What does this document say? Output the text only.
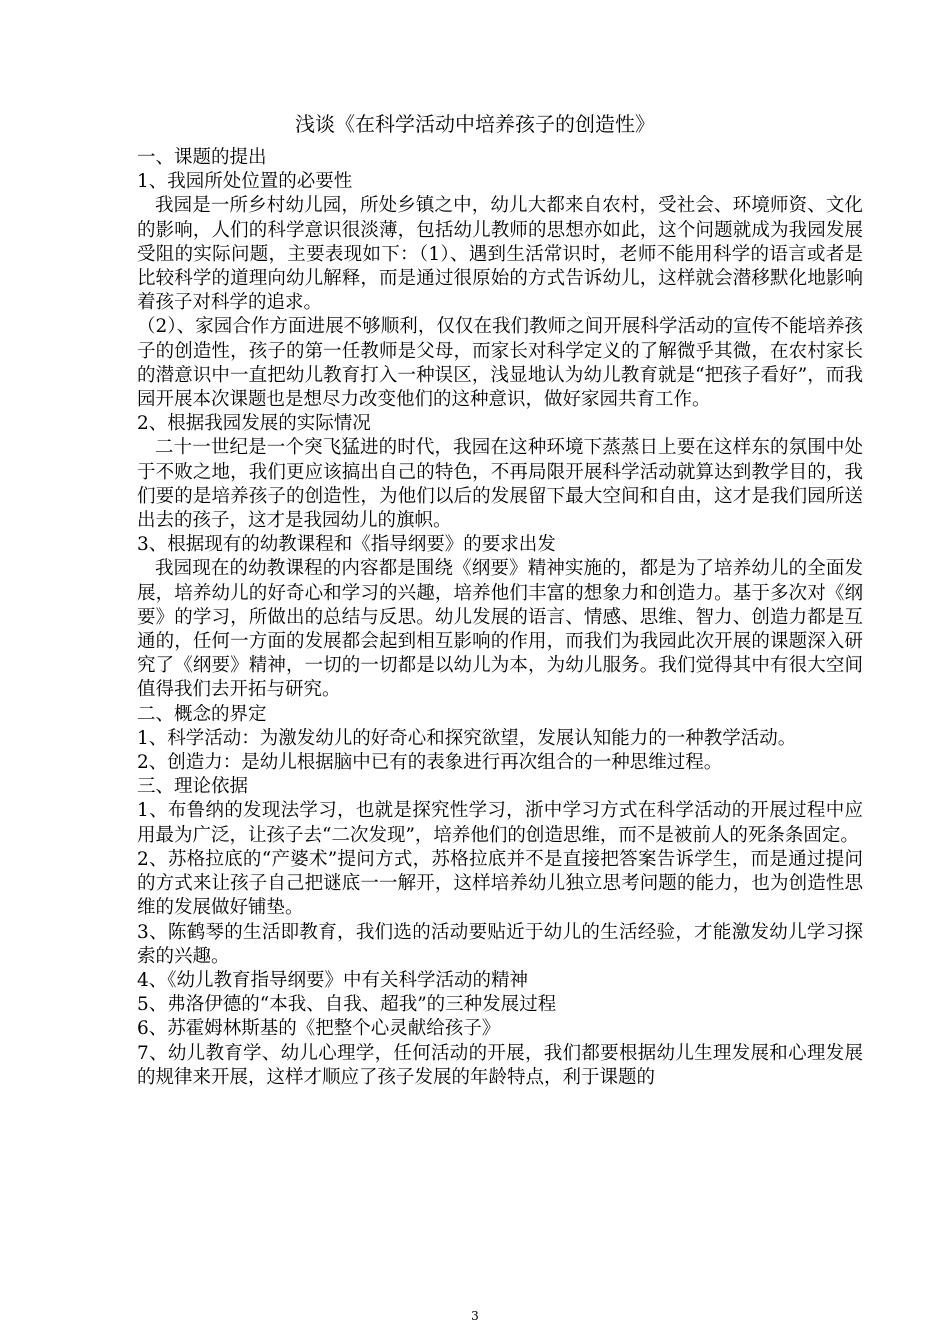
浅谈《在科学活动中培养孩子的创造性》

一、课题的提出

1、我园所处位置的必要性

我园是一所乡村幼儿园，所处乡镇之中，幼儿大都来自农村，受社会、环境师资、文化的影响，人们的科学意识很淡薄，包括幼儿教师的思想亦如此，这个问题就成为我园发展受阻的实际问题，主要表现如下：（1）、遇到生活常识时，老师不能用科学的语言或者是比较科学的道理向幼儿解释，而是通过很原始的方式告诉幼儿，这样就会潜移默化地影响着孩子对科学的追求。

（2）、家园合作方面进展不够顺利，仅仅在我们教师之间开展科学活动的宣传不能培养孩子的创造性，孩子的第一任教师是父母，而家长对科学定义的了解微乎其微，在农村家长的潜意识中一直把幼儿教育打入一种误区，浅显地认为幼儿教育就是“把孩子看好”，而我园开展本次课题也是想尽力改变他们的这种意识，做好家园共育工作。

2、根据我园发展的实际情况

二十一世纪是一个突飞猛进的时代，我园在这种环境下蒸蒸日上要在这样东的氛围中处于不败之地，我们更应该搞出自己的特色，不再局限开展科学活动就算达到教学目的，我们要的是培养孩子的创造性，为他们以后的发展留下最大空间和自由，这才是我们园所送出去的孩子，这才是我园幼儿的旗帜。

3、根据现有的幼教课程和《指导纲要》的要求出发

我园现在的幼教课程的内容都是围绕《纲要》精神实施的，都是为了培养幼儿的全面发展，培养幼儿的好奇心和学习的兴趣，培养他们丰富的想象力和创造力。基于多次对《纲要》的学习，所做出的总结与反思。幼儿发展的语言、情感、思维、智力、创造力都是互通的，任何一方面的发展都会起到相互影响的作用，而我们为我园此次开展的课题深入研究了《纲要》精神，一切的一切都是以幼儿为本，为幼儿服务。我们觉得其中有很大空间值得我们去开拓与研究。

二、概念的界定

1、科学活动：为激发幼儿的好奇心和探究欲望，发展认知能力的一种教学活动。

2、创造力：是幼儿根据脑中已有的表象进行再次组合的一种思维过程。

三、理论依据

1、布鲁纳的发现法学习，也就是探究性学习，浙中学习方式在科学活动的开展过程中应用最为广泛，让孩子去“二次发现”，培养他们的创造思维，而不是被前人的死条条固定。

2、苏格拉底的“产婆术”提问方式，苏格拉底并不是直接把答案告诉学生，而是通过提问的方式来让孩子自己把谜底一一解开，这样培养幼儿独立思考问题的能力，也为创造性思维的发展做好铺垫。

3、陈鹤琴的生活即教育，我们选的活动要贴近于幼儿的生活经验，才能激发幼儿学习探索的兴趣。

4、《幼儿教育指导纲要》中有关科学活动的精神

5、弗洛伊德的“本我、自我、超我”的三种发展过程

6、苏霍姆林斯基的《把整个心灵献给孩子》

7、幼儿教育学、幼儿心理学，任何活动的开展，我们都要根据幼儿生理发展和心理发展的规律来开展，这样才顺应了孩子发展的年龄特点，利于课题的

3
